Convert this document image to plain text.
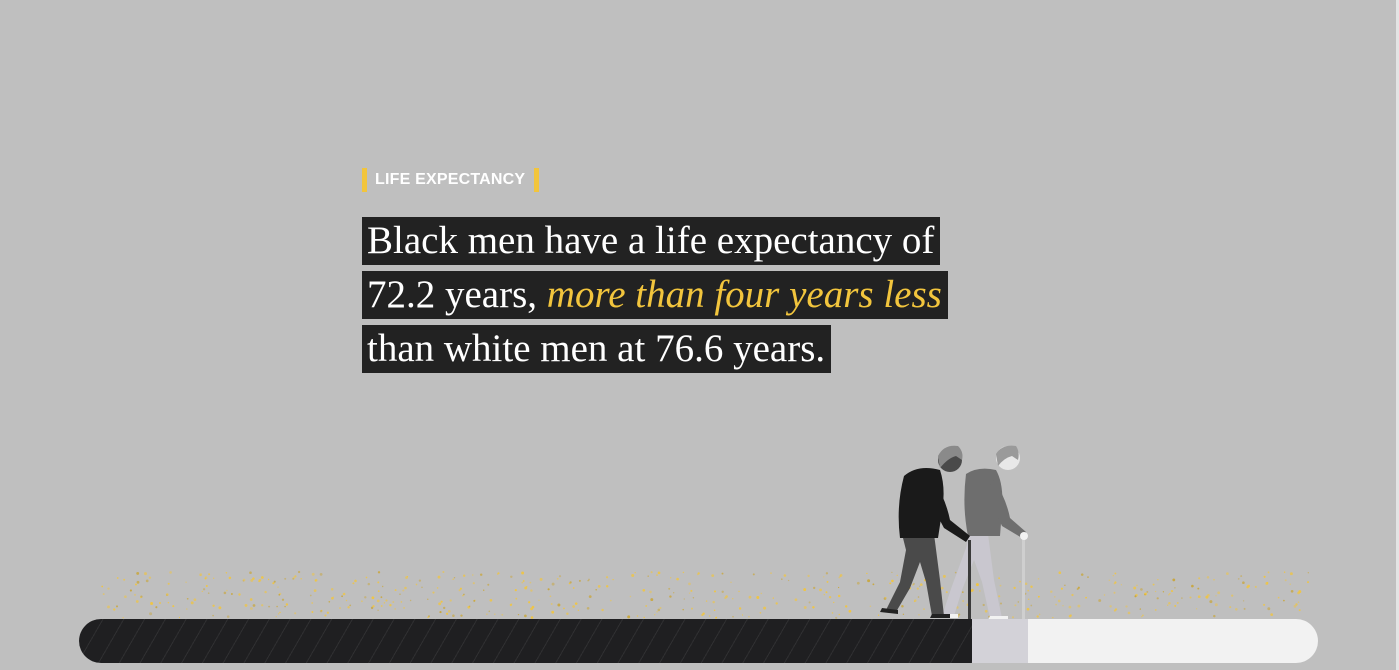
LIFE EXPECTANCY
Black men have a life expectancy of
72.2 years, more than four years less
than white men at 76.6 years.
